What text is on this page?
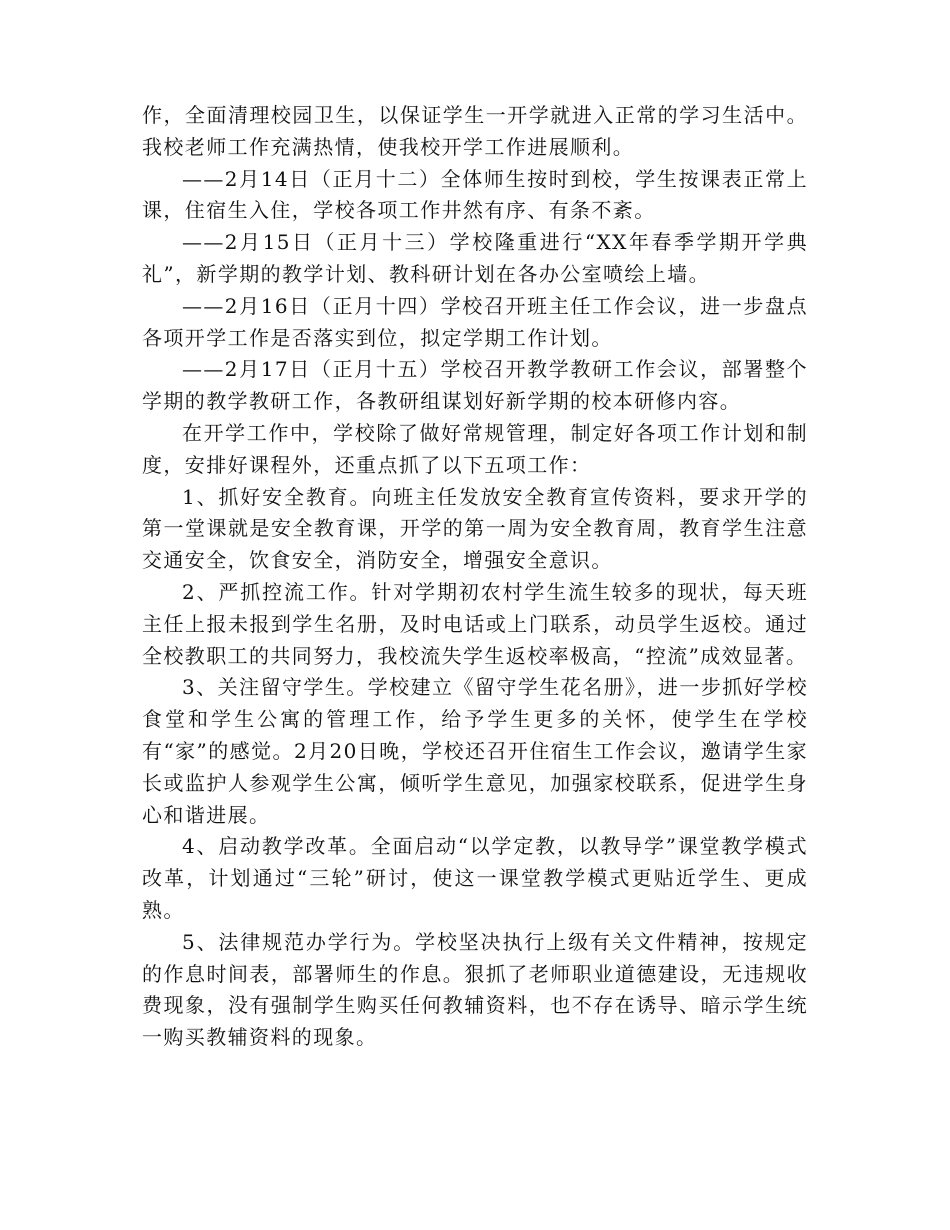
作，全面清理校园卫生，以保证学生一开学就进入正常的学习生活中。我校老师工作充满热情，使我校开学工作进展顺利。

——2月14日（正月十二）全体师生按时到校，学生按课表正常上课，住宿生入住，学校各项工作井然有序、有条不紊。

——2月15日（正月十三）学校隆重进行“XX年春季学期开学典礼”，新学期的教学计划、教科研计划在各办公室喷绘上墙。

——2月16日（正月十四）学校召开班主任工作会议，进一步盘点各项开学工作是否落实到位，拟定学期工作计划。

——2月17日（正月十五）学校召开教学教研工作会议，部署整个学期的教学教研工作，各教研组谋划好新学期的校本研修内容。

在开学工作中，学校除了做好常规管理，制定好各项工作计划和制度，安排好课程外，还重点抓了以下五项工作：

1、抓好安全教育。向班主任发放安全教育宣传资料，要求开学的第一堂课就是安全教育课，开学的第一周为安全教育周，教育学生注意交通安全，饮食安全，消防安全，增强安全意识。

2、严抓控流工作。针对学期初农村学生流生较多的现状，每天班主任上报未报到学生名册，及时电话或上门联系，动员学生返校。通过全校教职工的共同努力，我校流失学生返校率极高，“控流”成效显著。

3、关注留守学生。学校建立《留守学生花名册》，进一步抓好学校食堂和学生公寓的管理工作，给予学生更多的关怀，使学生在学校有“家”的感觉。2月20日晚，学校还召开住宿生工作会议，邀请学生家长或监护人参观学生公寓，倾听学生意见，加强家校联系，促进学生身心和谐进展。

4、启动教学改革。全面启动“以学定教，以教导学”课堂教学模式改革，计划通过“三轮”研讨，使这一课堂教学模式更贴近学生、更成熟。

5、法律规范办学行为。学校坚决执行上级有关文件精神，按规定的作息时间表，部署师生的作息。狠抓了老师职业道德建设，无违规收费现象，没有强制学生购买任何教辅资料，也不存在诱导、暗示学生统一购买教辅资料的现象。
